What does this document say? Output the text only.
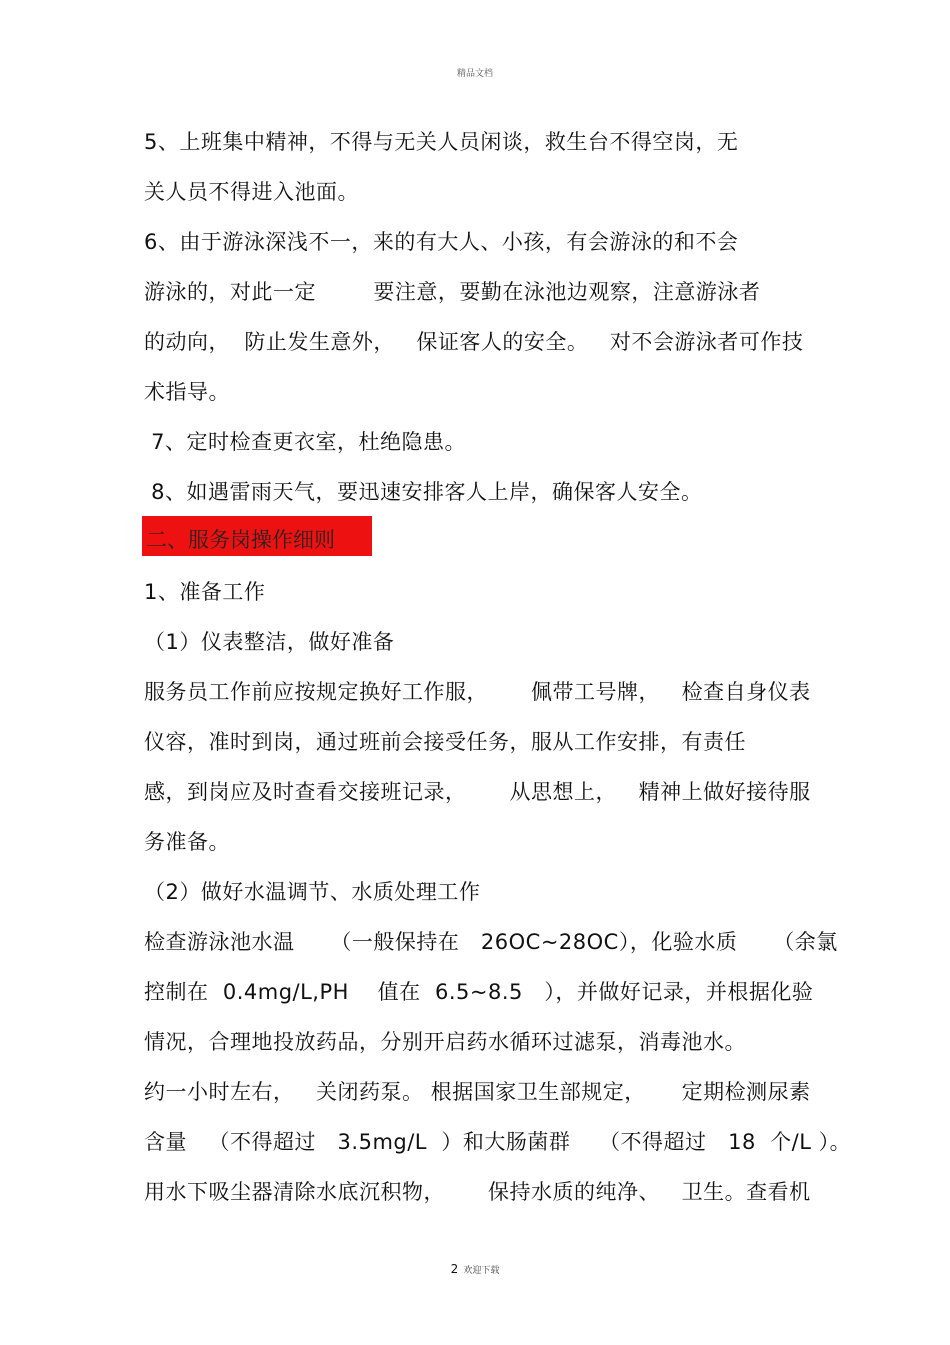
精品文档
5、上班集中精神，不得与无关人员闲谈，救生台不得空岗，无
关人员不得进入池面。
6、由于游泳深浅不一，来的有大人、小孩，有会游泳的和不会
游泳的，对此一定        要注意，要勤在泳池边观察，注意游泳者
的动向，  防止发生意外，   保证客人的安全。   对不会游泳者可作技
术指导。
7、定时检查更衣室，杜绝隐患。
8、如遇雷雨天气，要迅速安排客人上岸，确保客人安全。
二、服务岗操作细则
1、准备工作
（1）仪表整洁，做好准备
服务员工作前应按规定换好工作服，      佩带工号牌，   检查自身仪表
仪容，准时到岗，通过班前会接受任务，服从工作安排，有责任
感，到岗应及时查看交接班记录，      从思想上，   精神上做好接待服
务准备。
（2）做好水温调节、水质处理工作
检查游泳池水温     （一般保持在   26OC~28OC），化验水质     （余氯
控制在  0.4mg/L,PH    值在  6.5~8.5   ），并做好记录，并根据化验
情况，合理地投放药品，分别开启药水循环过滤泵，消毒池水。
约一小时左右，   关闭药泵。 根据国家卫生部规定，     定期检测尿素
含量   （不得超过   3.5mg/L  ）和大肠菌群    （不得超过   18  个/L ）。
用水下吸尘器清除水底沉积物，      保持水质的纯净、   卫生。查看机
2 欢迎下载
